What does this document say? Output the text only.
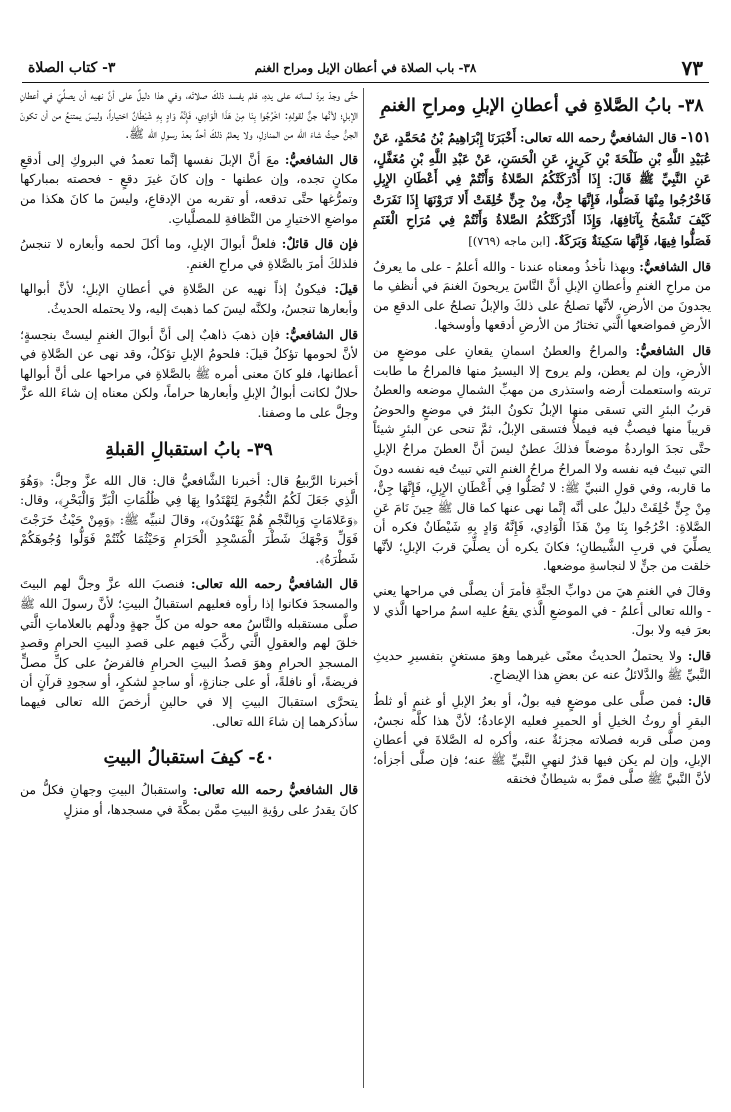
٧٣
٣٨- باب الصلاة في أعطان الإبل ومراح الغنم
٣- كتاب الصلاة
٣٨- بابُ الصَّلاةِ في أعطانِ الإبلِ ومراحِ الغنمِ

١٥١- قال الشافعيُّ رحمه الله تعالى: أَخْبَرَنَا إِبْرَاهِيمُ بْنُ مُحَمَّدٍ، عَنْ عُبَيْدِ اللَّهِ بْنِ طَلْحَةَ بْنِ كَرِيزٍ، عَنِ الْحَسَنِ، عَنْ عَبْدِ اللَّهِ بْنِ مُغَفَّلٍ، عَنِ النَّبِيِّ ﷺ قَالَ: إِذَا أَدْرَكَتْكُمُ الصَّلاةُ وَأَنْتُمْ فِي أَعْطَانِ الإِبِلِ فَاخْرُجُوا مِنْهَا فَصَلُّوا، فَإِنَّهَا جِنٌّ، مِنْ جِنٍّ خُلِقَتْ أَلا تَرَوْنَهَا إِذَا نَفَرَتْ كَيْفَ تَشْمَخُ بِآنَافِهَا، وَإِذَا أَدْرَكَتْكُمُ الصَّلاةُ وَأَنْتُمْ فِي مُرَاحِ الْغَنَمِ فَصَلُّوا فِيهَا، فَإِنَّهَا سَكِينَةٌ وَبَرَكَةٌ. [ابن ماجه (٧٦٩)]

قال الشافعيُّ: وبهذا نأخذُ ومعناه عندنا - والله أعلمُ - على ما يعرفُ من مراحِ الغنمِ وأعطانِ الإبلِ أنَّ النَّاسَ يريحونَ الغنمَ في أنظفِ ما يجدونَ من الأرضِ، لأنَّها تصلحُ على ذلكَ والإبلُ تصلحُ على الدقعِ من الأرضِ فمواضعها الَّتي تختارُ من الأرضِ أدقعها وأوسخها.

قال الشافعيُّ: والمراحُ والعطنُ اسمانِ يقعانِ على موضعٍ من الأرضِ، وإن لم يعطن، ولم يروح إلا اليسيرُ منها فالمراحُ ما طابت تربته واستعملت أرضه واستذرى من مهبِّ الشمالِ موضعه والعطنُ قربُ البئرِ التي تسقى منها الإبلُ تكونُ البئرُ في موضعٍ والحوضُ قريباً منها فيصبُّ فيه فيملأُ فتسقى الإبلُ، ثمَّ تنحى عن البئرِ شيئاً حتَّى تجدَ الواردةُ موضعاً فذلكَ عطنٌ ليسَ أنَّ العطنَ مراحُ الإبلِ التي تبيتُ فيه نفسه ولا المراحُ مراحُ الغنمِ التي تبيتُ فيه نفسه دونَ ما قاربه، وفي قولِ النبيِّ ﷺ: لا تُصَلُّوا فِي أَعْطَانِ الإِبِلِ، فَإِنَّهَا جِنٌّ، مِنْ جِنٍّ خُلِقَتْ دليلٌ على أنَّه إنَّما نهى عنها كما قال ﷺ حِينَ نَامَ عَنِ الصَّلاةِ: اخْرُجُوا بِنَا مِنْ هَذَا الْوَادِي، فَإِنَّهُ وَادٍ بِهِ شَيْطَانٌ فكره أن يصلِّيَ في قربِ الشَّيطانِ؛ فكانَ يكره أن يصلِّيَ قربَ الإبلِ؛ لأنَّها خلقت من جنٍّ لا لنجاسةِ موضعها.

وقالَ في الغنمِ هيَ من دوابِّ الجنَّةِ فأمرَ أن يصلَّى في مراحها يعني - والله تعالى أعلمُ - في الموضعِ الَّذي يقعُ عليه اسمُ مراحها الَّذي لا بعرَ فيه ولا بولَ.

قال: ولا يحتملُ الحديثُ معنًى غيرهما وهوَ مستغنٍ بتفسيرِ حديثِ النَّبيِّ ﷺ والدَّلائلُ عنه عن بعضِ هذا الإيضاحِ.

قال: فمن صلَّى على موضعٍ فيه بولٌ، أو بعرُ الإبلِ أو غنمٍ أو ثلطُ البقرِ أو روثُ الخيلِ أو الحميرِ فعليه الإعادةُ؛ لأنَّ هذا كلَّه نجسٌ، ومن صلَّى قربه فصلاته مجزئةٌ عنه، وأكره له الصَّلاةَ في أعطانِ الإبلِ، وإن لم يكن فيها قذرٌ لنهيِ النَّبيِّ ﷺ عنه؛ فإن صلَّى أجزأه؛ لأنَّ النَّبيَّ ﷺ صلَّى فمرَّ به شيطانٌ فخنقه

حتَّى وجدَ بردَ لسانه على يدهِ، فلم يفسد ذلكَ صلاتَه، وفي هذا دليلٌ على أنَّ نهيه أن يصلِّيَ في أعطانِ الإبلِ؛ لأنَّها جنٌّ لقولهِ: اخْرُجُوا بِنَا مِنْ هَذَا الْوَادِي، فَإِنَّهُ وَادٍ بِهِ شَيْطَانٌ اختياراً، وليسَ يمتنعُ من أن تكونَ الجنُّ حيثُ شاءَ الله من المنازلِ، ولا يعلمُ ذلكَ أحدٌ بعدَ رسولِ الله ﷺ.

قال الشافعيُّ: معَ أنَّ الإبلَ نفسها إنَّما تعمدُ في البروكِ إلى أدقعِ مكانٍ تجده، وإن عطنها - وإن كانَ غيرَ دقعٍ - فحصته بمباركها وتمرُّغها حتَّى تدقعه، أو تقربه من الإدقاعِ، وليسَ ما كانَ هكذا من مواضعِ الاختيارِ من النَّظافةِ للمصلَّياتِ.

فإن قال قائلٌ: فلعلَّ أبوالَ الإبلِ، وما أكلَ لحمه وأبعاره لا تنجسُ فلذلكَ أمرَ بالصَّلاةِ في مراحِ الغنمِ.

قيلَ: فيكونُ إذاً نهيه عن الصَّلاةِ في أعطانِ الإبلِ؛ لأنَّ أبوالها وأبعارها تنجسُ، ولكنَّه ليسَ كما ذهبتَ إليه، ولا يحتمله الحديثُ.

قال الشافعيُّ: فإن ذهبَ ذاهبٌ إلى أنَّ أبوالَ الغنمِ ليستْ بنجسةٍ؛ لأنَّ لحومها تؤكلُ قيلَ: فلحومُ الإبلِ تؤكلُ، وقد نهى عن الصَّلاةِ في أعطانها، فلو كانَ معنى أمره ﷺ بالصَّلاةِ في مراحها على أنَّ أبوالها حلالٌ لكانت أبوالُ الإبلِ وأبعارها حراماً، ولكن معناه إن شاءَ الله عزَّ وجلَّ على ما وصفنا.

٣٩- بابُ استقبالِ القبلةِ

أخبرنا الرَّبيعُ قال: أخبرنا الشَّافعيُّ قال: قال الله عزَّ وجلَّ: ﴿وَهُوَ الَّذِي جَعَلَ لَكُمُ النُّجُومَ لِتَهْتَدُوا بِهَا فِي ظُلُمَاتِ الْبَرِّ وَالْبَحْرِ﴾، وقال: ﴿وَعَلامَاتٍ وَبِالنَّجْمِ هُمْ يَهْتَدُونَ﴾، وقالَ لنبيِّه ﷺ: ﴿وَمِنْ حَيْثُ خَرَجْتَ فَوَلِّ وَجْهَكَ شَطْرَ الْمَسْجِدِ الْحَرَامِ وَحَيْثُمَا كُنْتُمْ فَوَلُّوا وُجُوهَكُمْ شَطْرَهُ﴾.

قال الشافعيُّ رحمه الله تعالى: فنصبَ الله عزَّ وجلَّ لهم البيتَ والمسجدَ فكانوا إذا رأوه فعليهم استقبالُ البيتِ؛ لأنَّ رسولَ الله ﷺ صلَّى مستقبله والنَّاسُ معه حوله من كلِّ جهةٍ ودلَّهم بالعلاماتِ الَّتي خلقَ لهم والعقولِ الَّتي ركَّبَ فيهم على قصدِ البيتِ الحرامِ وقصدِ المسجدِ الحرامِ وهوَ قصدُ البيتِ الحرامِ فالفرضُ على كلِّ مصلٍّ فريضةً، أو نافلةً، أو على جنازةٍ، أو ساجدٍ لشكرٍ، أو سجودِ قرآنٍ أن يتحرَّى استقبالَ البيتِ إلا في حالينِ أرخصَ الله تعالى فيهما سأذكرهما إن شاءَ الله تعالى.

٤٠- كيفَ استقبالُ البيتِ

قال الشافعيُّ رحمه الله تعالى: واستقبالُ البيتِ وجهانِ فكلُّ من كانَ يقدرُ على رؤيةِ البيتِ ممَّن بمكَّةَ في مسجدها، أو منزلٍ
